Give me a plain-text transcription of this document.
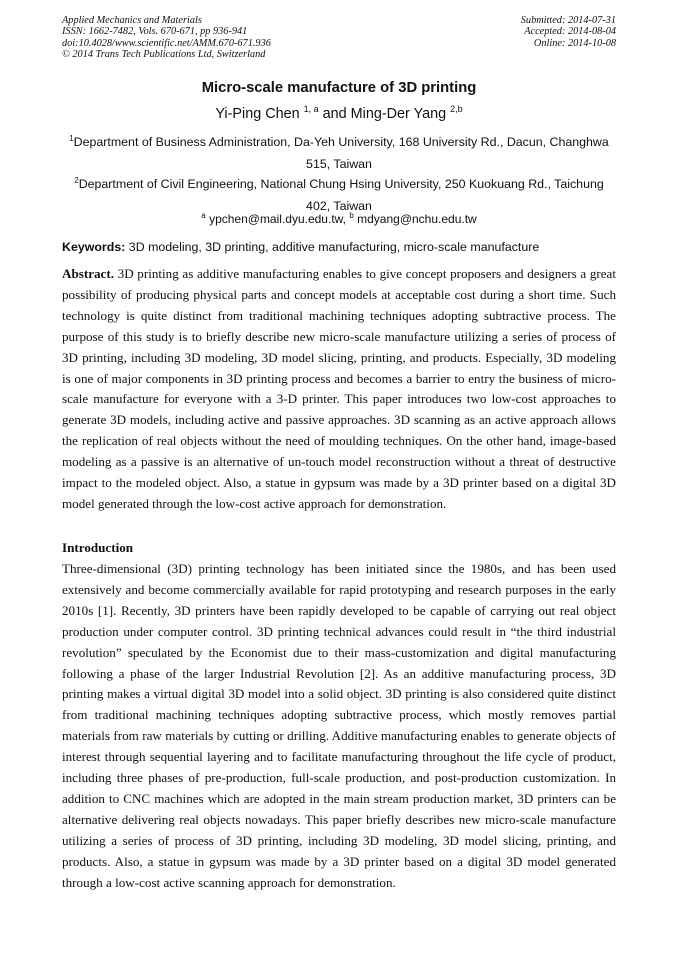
Applied Mechanics and Materials
ISSN: 1662-7482, Vols. 670-671, pp 936-941
doi:10.4028/www.scientific.net/AMM.670-671.936
© 2014 Trans Tech Publications Ltd, Switzerland
Submitted: 2014-07-31
Accepted: 2014-08-04
Online: 2014-10-08
Micro-scale manufacture of 3D printing
Yi-Ping Chen $^{1, a}$ and Ming-Der Yang $^{2,b}$
$^1$Department of Business Administration, Da-Yeh University, 168 University Rd., Dacun, Changhwa 515, Taiwan
$^2$Department of Civil Engineering, National Chung Hsing University, 250 Kuokuang Rd., Taichung 402, Taiwan
$^a$ ypchen@mail.dyu.edu.tw, $^b$ mdyang@nchu.edu.tw
Keywords: 3D modeling, 3D printing, additive manufacturing, micro-scale manufacture
Abstract. 3D printing as additive manufacturing enables to give concept proposers and designers a great possibility of producing physical parts and concept models at acceptable cost during a short time. Such technology is quite distinct from traditional machining techniques adopting subtractive process. The purpose of this study is to briefly describe new micro-scale manufacture utilizing a series of process of 3D printing, including 3D modeling, 3D model slicing, printing, and products. Especially, 3D modeling is one of major components in 3D printing process and becomes a barrier to entry the business of micro-scale manufacture for everyone with a 3-D printer. This paper introduces two low-cost approaches to generate 3D models, including active and passive approaches. 3D scanning as an active approach allows the replication of real objects without the need of moulding techniques. On the other hand, image-based modeling as a passive is an alternative of un-touch model reconstruction without a threat of destructive impact to the modeled object. Also, a statue in gypsum was made by a 3D printer based on a digital 3D model generated through the low-cost active approach for demonstration.
Introduction
Three-dimensional (3D) printing technology has been initiated since the 1980s, and has been used extensively and become commercially available for rapid prototyping and research purposes in the early 2010s [1]. Recently, 3D printers have been rapidly developed to be capable of carrying out real object production under computer control. 3D printing technical advances could result in “the third industrial revolution” speculated by the Economist due to their mass-customization and digital manufacturing following a phase of the larger Industrial Revolution [2]. As an additive manufacturing process, 3D printing makes a virtual digital 3D model into a solid object. 3D printing is also considered quite distinct from traditional machining techniques adopting subtractive process, which mostly removes partial materials from raw materials by cutting or drilling. Additive manufacturing enables to generate objects of interest through sequential layering and to facilitate manufacturing throughout the life cycle of product, including three phases of pre-production, full-scale production, and post-production customization. In addition to CNC machines which are adopted in the main stream production market, 3D printers can be alternative delivering real objects nowadays. This paper briefly describes new micro-scale manufacture utilizing a series of process of 3D printing, including 3D modeling, 3D model slicing, printing, and products. Also, a statue in gypsum was made by a 3D printer based on a digital 3D model generated through a low-cost active scanning approach for demonstration.
